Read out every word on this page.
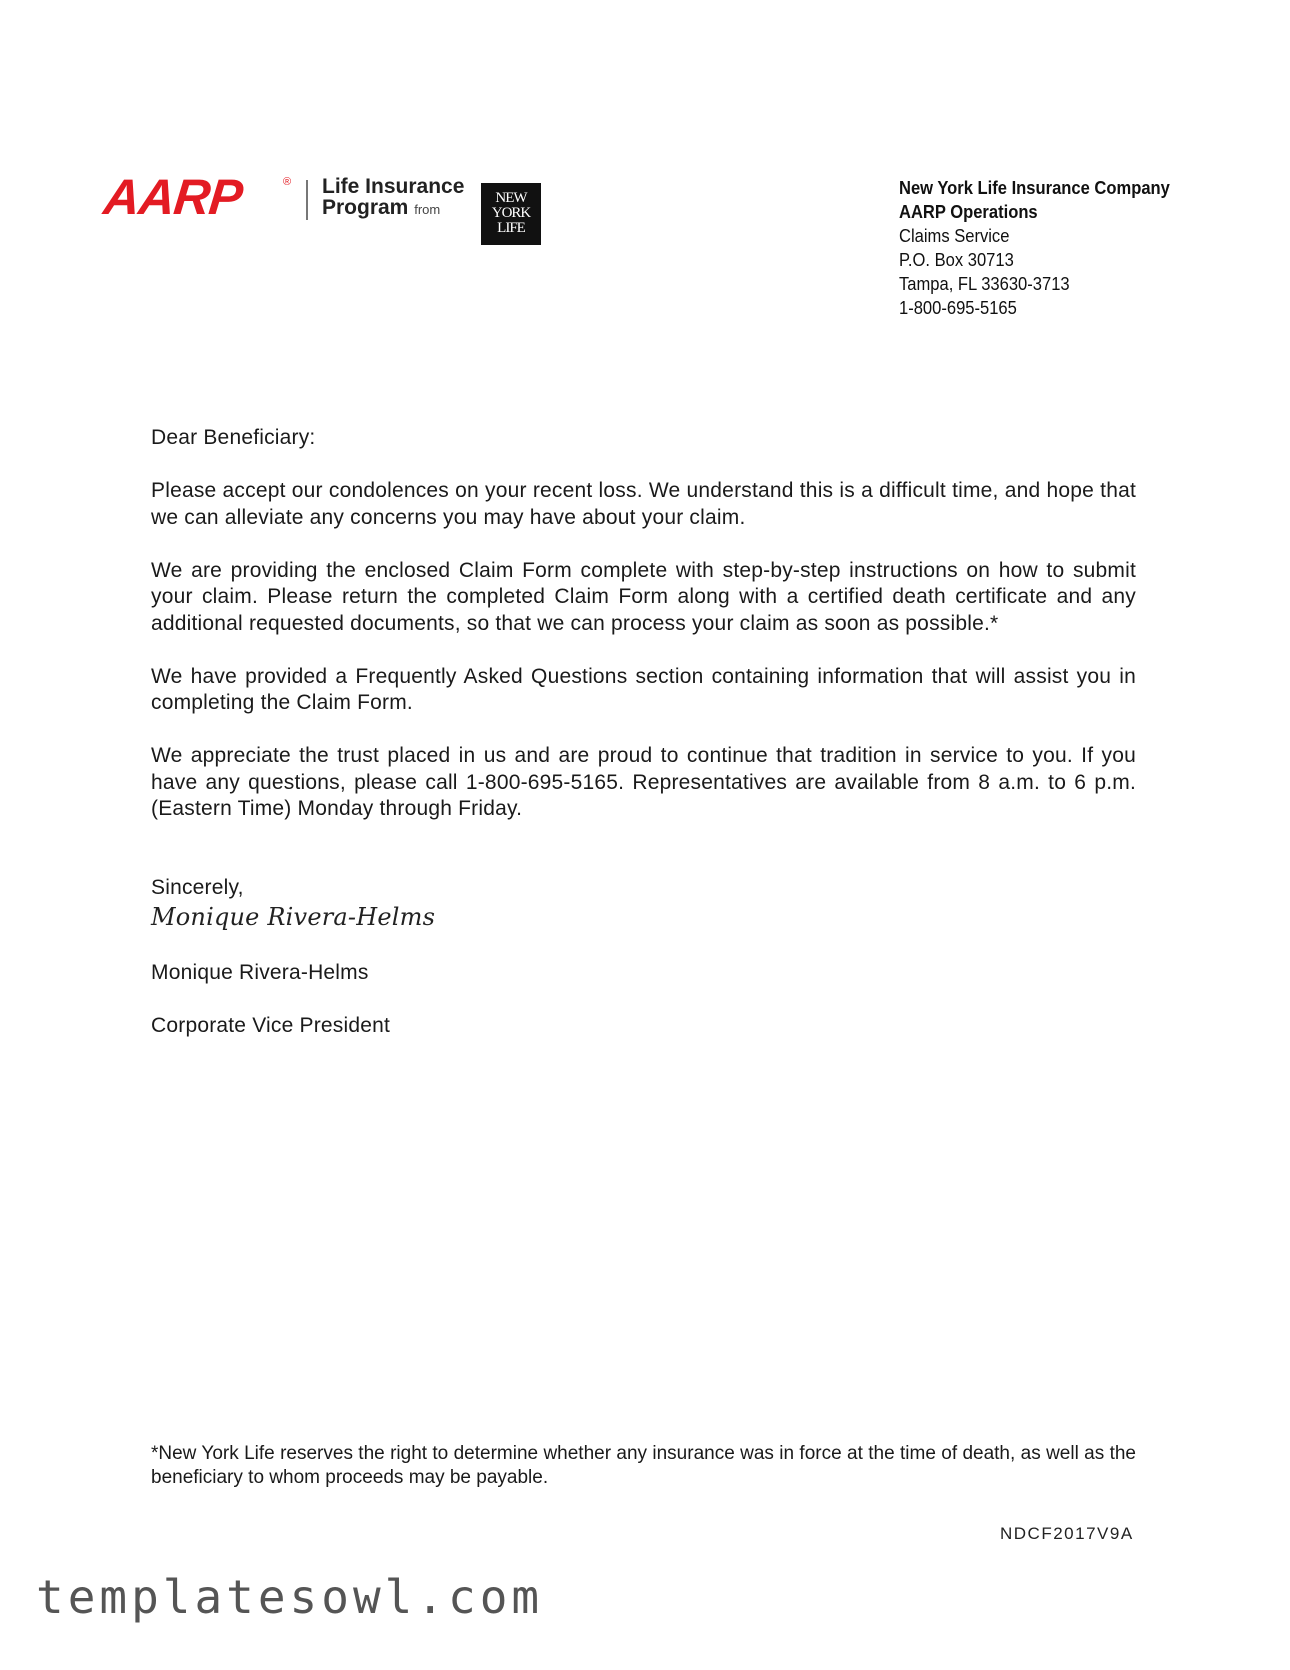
AARP	® Life Insurance
Program from
NEW
YORK
LIFE
New York Life Insurance Company
AARP Operations
Claims Service
P.O. Box 30713
Tampa, FL 33630-3713
1-800-695-5165

Dear Beneficiary:

Please accept our condolences on your recent loss. We understand this is a difficult time, and hope that we can alleviate any concerns you may have about your claim.

We are providing the enclosed Claim Form complete with step-by-step instructions on how to submit your claim. Please return the completed Claim Form along with a certified death certificate and any additional requested documents, so that we can process your claim as soon as possible.*

We have provided a Frequently Asked Questions section containing information that will assist you in completing the Claim Form.

We appreciate the trust placed in us and are proud to continue that tradition in service to you. If you have any questions, please call 1-800-695-5165. Representatives are available from 8 a.m. to 6 p.m. (Eastern Time) Monday through Friday.

Sincerely,

Monique Rivera-Helms

Monique Rivera-Helms

Corporate Vice President

*New York Life reserves the right to determine whether any insurance was in force at the time of death, as well as the beneficiary to whom proceeds may be payable.
NDCF2017V9A
templatesowl.com
